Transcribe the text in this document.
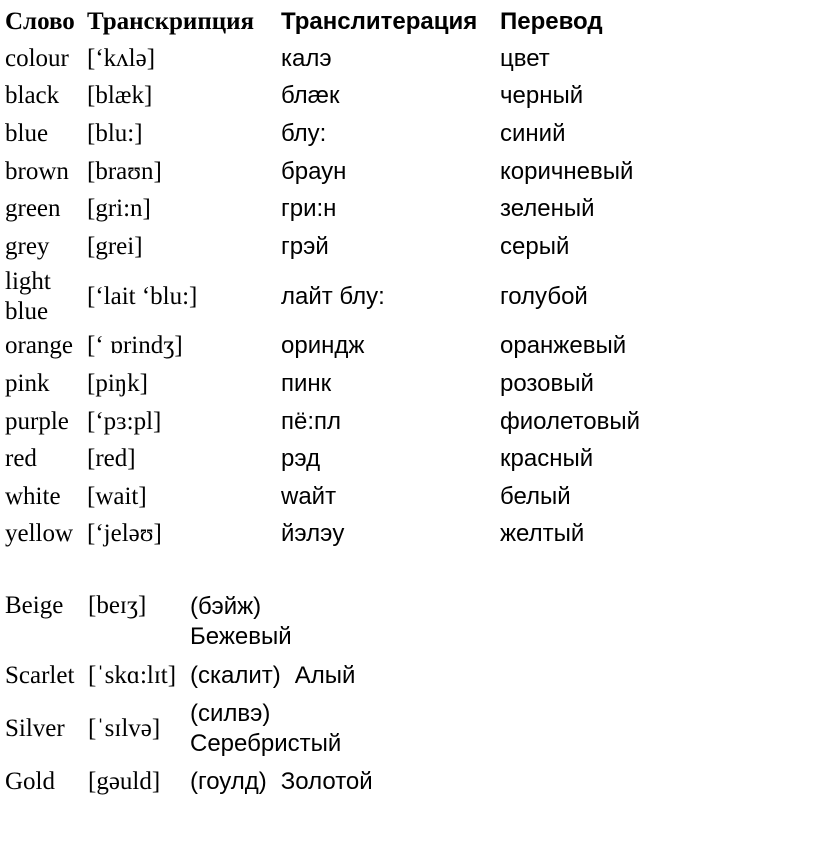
Слово	Транскрипция	Транслитерация	Перевод
colour	[‘kʌlə]	калэ	цвет
black	[blæk]	блæк	черный
blue	[blu:]	блу:	синий
brown	[braʊn]	браун	коричневый
green	[gri:n]	гри:н	зеленый
grey	[grei]	грэй	серый
light blue	[‘lait ‘blu:]	лайт блу:	голубой
orange	[‘ ɒrindʒ]	ориндж	оранжевый
pink	[piŋk]	пинк	розовый
purple	[‘pɜ:pl]	пё:пл	фиолетовый
red	[red]	рэд	красный
white	[wait]	wайт	белый
yellow	[‘jeləʊ]	йэлэу	желтый
Beige	[beɪʒ]	(бэйж)
Бежевый
Scarlet	[ˈskɑ:lɪt]	(скалит) Алый
Silver	[ˈsɪlvə]	(силвэ)
Серебристый
Gold	[gəuld]	(гоулд) Золотой
